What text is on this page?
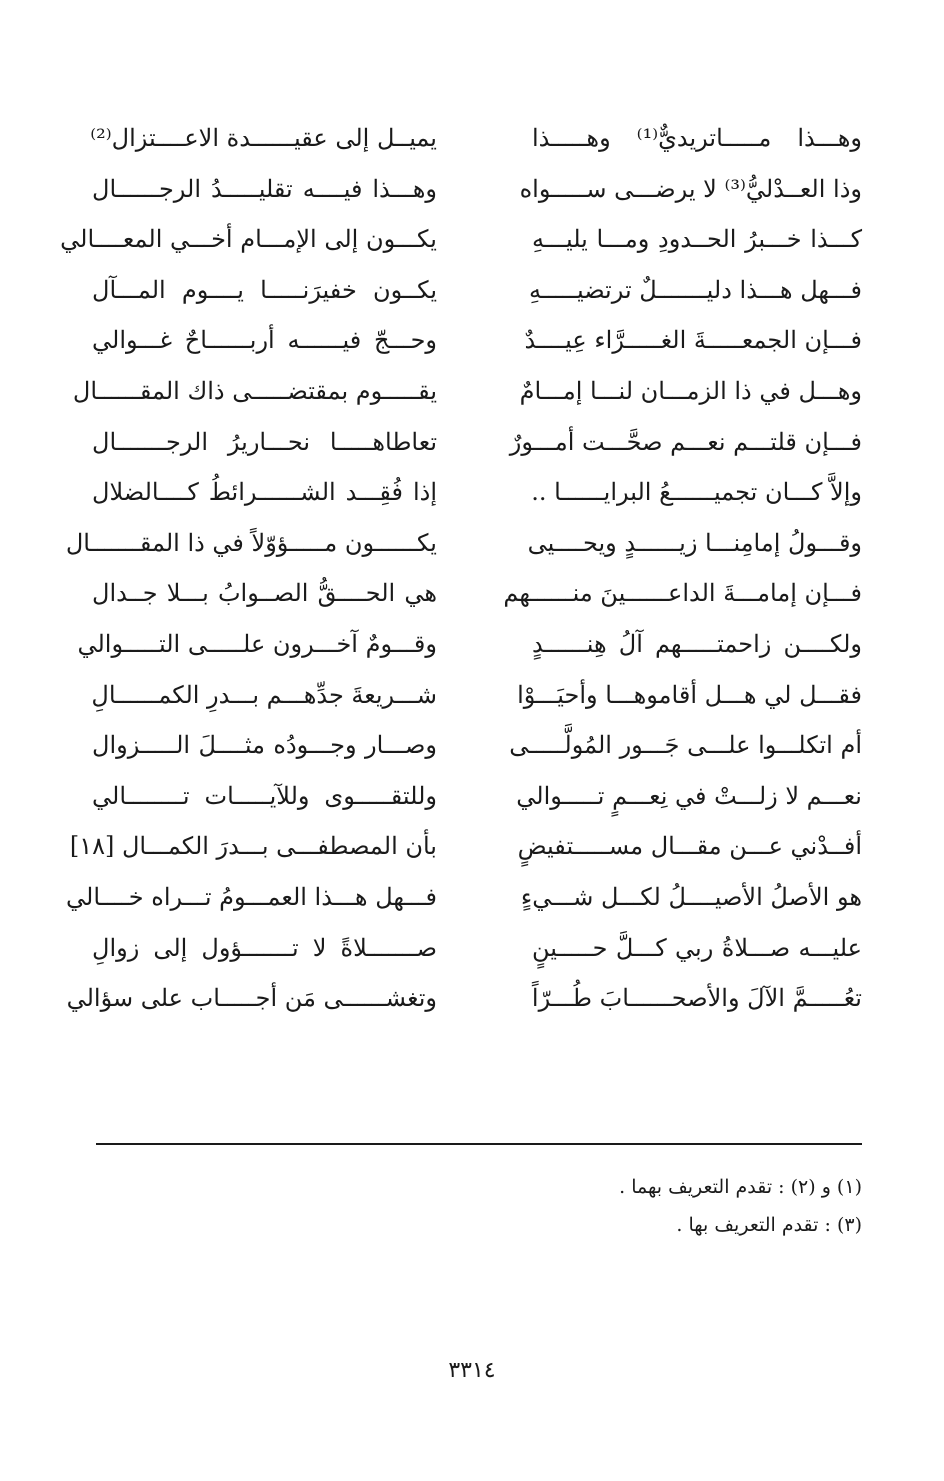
وهـــذا مـــــاتريديٌّ⁽¹⁾ وهـــــذا
يميــل إلى عقيــــــدة الاعــــتزال⁽²⁾
وذا العــدْليُّ⁽³⁾ لا يرضـــى ســـــواه
وهـــذا فيــــه تقليـــــدُ الرجــــــال
كـــذا خـــبرُ الحــدودِ ومـــا يليـــهِ
يكـــون إلى الإمـــام أخـــي المعــــالي
فـــهل هـــذا دليـــــــلٌ ترتضيـــــهِ
يكــون خفيرَنـــــا يــــوم المـــآل
فـــإن الجمعـــــةَ الغـــــرَّاء عِيــــدٌ
وحـــجّ فيــــــه أربــــــاحٌ غـــوالي
وهـــل في ذا الزمـــان لنـــا إمـــامٌ
يقـــــوم بمقتضـــــى ذاك المقــــــال
فـــإن قلتـــم نعـــم صحَّـــت أمـــورٌ
تعاطاهـــــا نحـــاريرُ الرجـــــــال
وإلاَّ كـــان تجميــــــعُ البرايــــــا ..
إذا فُقِـــد الشــــــرائطُ كــــالضلال
وقـــولُ إمامِنـــا زيــــــدٍ ويحــــيى
يكــــــون مـــــؤوّلاً في ذا المقـــــــال
فـــإن إمامـــةَ الداعــــــينَ منــــــهم
هي الحــــقُّ الصــوابُ بـــلا جــدال
ولكــــن زاحمتـــــهم آلُ هِنــــــدٍ
وقـــومٌ آخـــرون علـــــى التـــــوالي
فقـــل لي هـــل أقاموهـــا وأحيَـــوْا
شـــريعةَ جدِّهـــم بـــدرِ الكمــــــالِ
أم اتكلـــوا علـــى جَـــور المُولَّـــــى
وصـــار وجـــودُه مثــــلَ الـــــزوال
نعـــم لا زلـــتْ في نِعـــمٍ تـــــوالي
وللتقـــــوى وللآيـــــات تــــــــالي
أفــدْني عـــن مقـــال مســـــتفيضٍ
بأن المصطفـــى بـــدرَ الكمـــال [١٨]
هو الأصلُ الأصيــــلُ لكـــل شـــيءٍ
فـــهل هـــذا العمـــومُ تـــراه خــــالي
عليـــه صـــلاةُ ربي كـــلَّ حـــــينٍ
صـــــــلاةً لا تـــــــؤول إلى زوالِ
تعُـــــمَّ الآلَ والأصحــــــابَ طُـــرّاً
وتغشــــــى مَن أجـــــاب على سؤالي
(١) و (٢) : تقدم التعريف بهما .
(٣) : تقدم التعريف بها .
٣٣١٤
